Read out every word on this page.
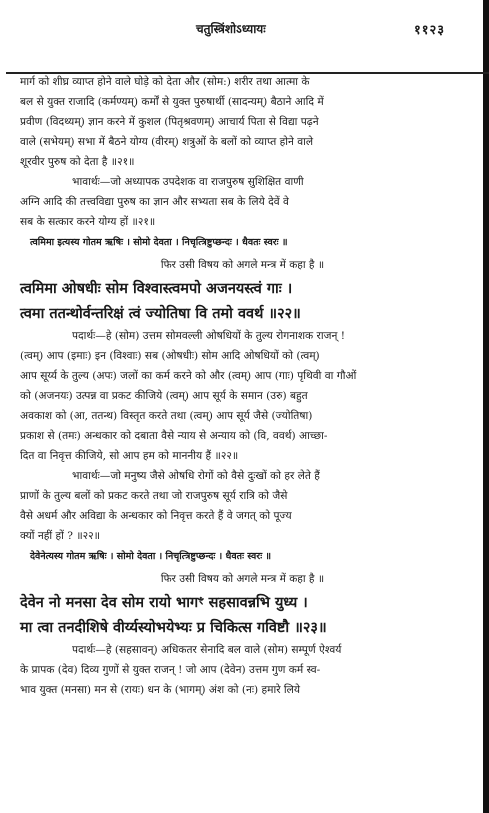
चतुस्त्रिंशोऽध्यायः	११२३
मार्ग को शीघ्र व्याप्त होने वाले घोड़े को देता और (सोम:) शरीर तथा आत्मा के
बल से युक्त राजादि (कर्मण्यम्) कर्मों से युक्त पुरुषार्थी (सादन्यम्) बैठाने आदि में
प्रवीण (विदथ्यम्) ज्ञान करने में कुशल (पितृश्रवणम्) आचार्य पिता से विद्या पढ़ने
वाले (सभेयम्) सभा में बैठने योग्य (वीरम्) शत्रुओं के बलों को व्याप्त होने वाले
शूरवीर पुरुष को देता है ॥२१॥
भावार्थः—जो अध्यापक उपदेशक वा राजपुरुष सुशिक्षित वाणी
अग्नि आदि की तत्त्वविद्या पुरुष का ज्ञान और सभ्यता सब के लिये देवें वे
सब के सत्कार करने योग्य हों ॥२१॥
त्वमिमा इत्यस्य गोतम ऋषिः । सोमो देवता । निचृत्त्रिष्टुप्छन्दः । धैवतः स्वरः ॥
फिर उसी विषय को अगले मन्त्र में कहा है ॥
त्वमिमा ओषधीः सोम विश्वास्त्वमपो अजनयस्त्वं गाः ।
त्वमा ततन्थोर्वन्तरिक्षं त्वं ज्योतिषा वि तमो ववर्थ ॥२२॥
पदार्थः—हे (सोम) उत्तम सोमवल्ली ओषधियों के तुल्य रोगनाशक राजन् !
(त्वम्) आप (इमाः) इन (विश्वाः) सब (ओषधीः) सोम आदि ओषधियों को (त्वम्)
आप सूर्य्य के तुल्य (अपः) जलों का कर्म करने को और (त्वम्) आप (गाः) पृथिवी वा गौओं
को (अजनयः) उत्पन्न वा प्रकट कीजिये (त्वम्) आप सूर्य के समान (उरु) बहुत
अवकाश को (आ, ततन्थ) विस्तृत करते तथा (त्वम्) आप सूर्य जैसे (ज्योतिषा)
प्रकाश से (तमः) अन्धकार को दबाता वैसे न्याय से अन्याय को (वि, ववर्थ) आच्छा-
दित वा निवृत्त कीजिये, सो आप हम को माननीय हैं ॥२२॥
भावार्थः—जो मनुष्य जैसे ओषधि रोगों को वैसे दुःखों को हर लेते हैं
प्राणों के तुल्य बलों को प्रकट करते तथा जो राजपुरुष सूर्य रात्रि को जैसे
वैसे अधर्म और अविद्या के अन्धकार को निवृत्त करते हैं वे जगत् को पूज्य
क्यों नहीं हों ? ॥२२॥
देवेनेत्यस्य गोतम ऋषिः । सोमो देवता । निचृत्त्रिष्टुप्छन्दः । धैवतः स्वरः ॥
फिर उसी विषय को अगले मन्त्र में कहा है ॥
देवेन नो मनसा देव सोम रायो भागꣳ सहसावन्नभि युध्य ।
मा त्वा तनदीशिषे वीर्य्यस्योभयेभ्यः प्र चिकित्स गविष्टौ ॥२३॥
पदार्थः—हे (सहसावन्) अधिकतर सेनादि बल वाले (सोम) सम्पूर्ण ऐश्वर्य
के प्रापक (देव) दिव्य गुणों से युक्त राजन् ! जो आप (देवेन) उत्तम गुण कर्म स्व-
भाव युक्त (मनसा) मन से (रायः) धन के (भागम्) अंश को (नः) हमारे लिये
